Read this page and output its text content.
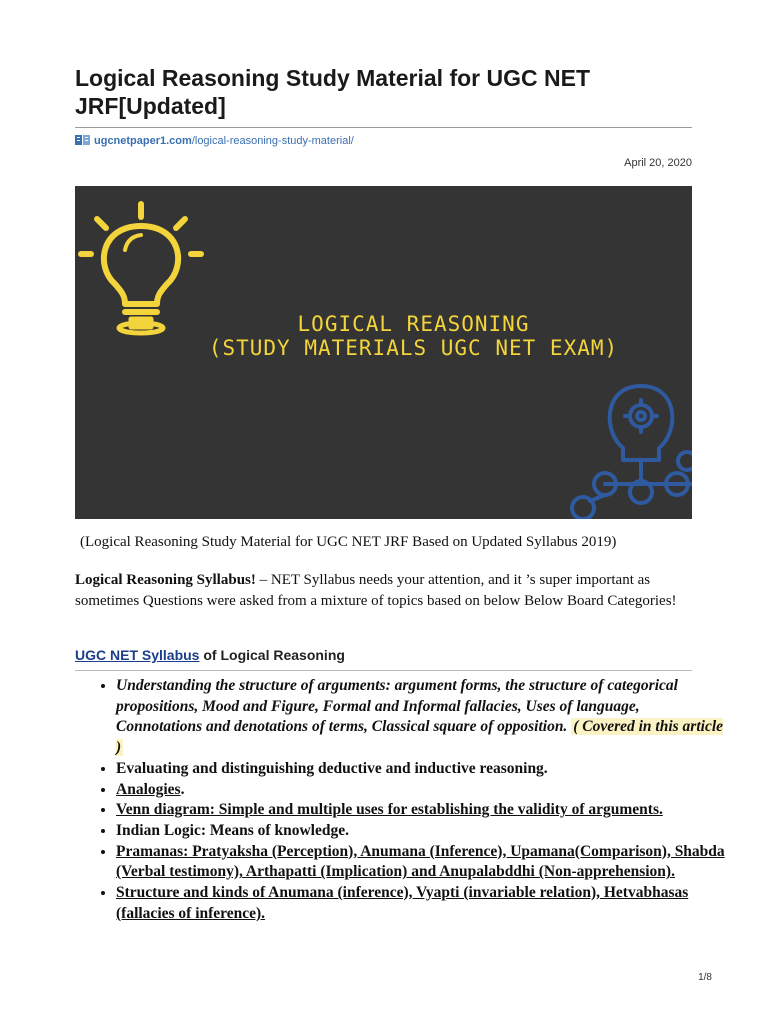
Logical Reasoning Study Material for UGC NET JRF[Updated]
ugcnetpaper1.com/logical-reasoning-study-material/
April 20, 2020
LOGICAL REASONING
(STUDY MATERIALS UGC NET EXAM)
(Logical Reasoning Study Material for UGC NET JRF Based on Updated Syllabus 2019)

Logical Reasoning Syllabus! – NET Syllabus needs your attention, and it ’s super important as sometimes Questions were asked from a mixture of topics based on below Below Board Categories!

UGC NET Syllabus of Logical Reasoning
• Understanding the structure of arguments: argument forms, the structure of categorical propositions, Mood and Figure, Formal and Informal fallacies, Uses of language, Connotations and denotations of terms, Classical square of opposition. ( Covered in this article )
• Evaluating and distinguishing deductive and inductive reasoning.
• Analogies.
• Venn diagram: Simple and multiple uses for establishing the validity of arguments.
• Indian Logic: Means of knowledge.
• Pramanas: Pratyaksha (Perception), Anumana (Inference), Upamana(Comparison), Shabda (Verbal testimony), Arthapatti (Implication) and Anupalabddhi (Non-apprehension).
• Structure and kinds of Anumana (inference), Vyapti (invariable relation), Hetvabhasas (fallacies of inference).
1/8
